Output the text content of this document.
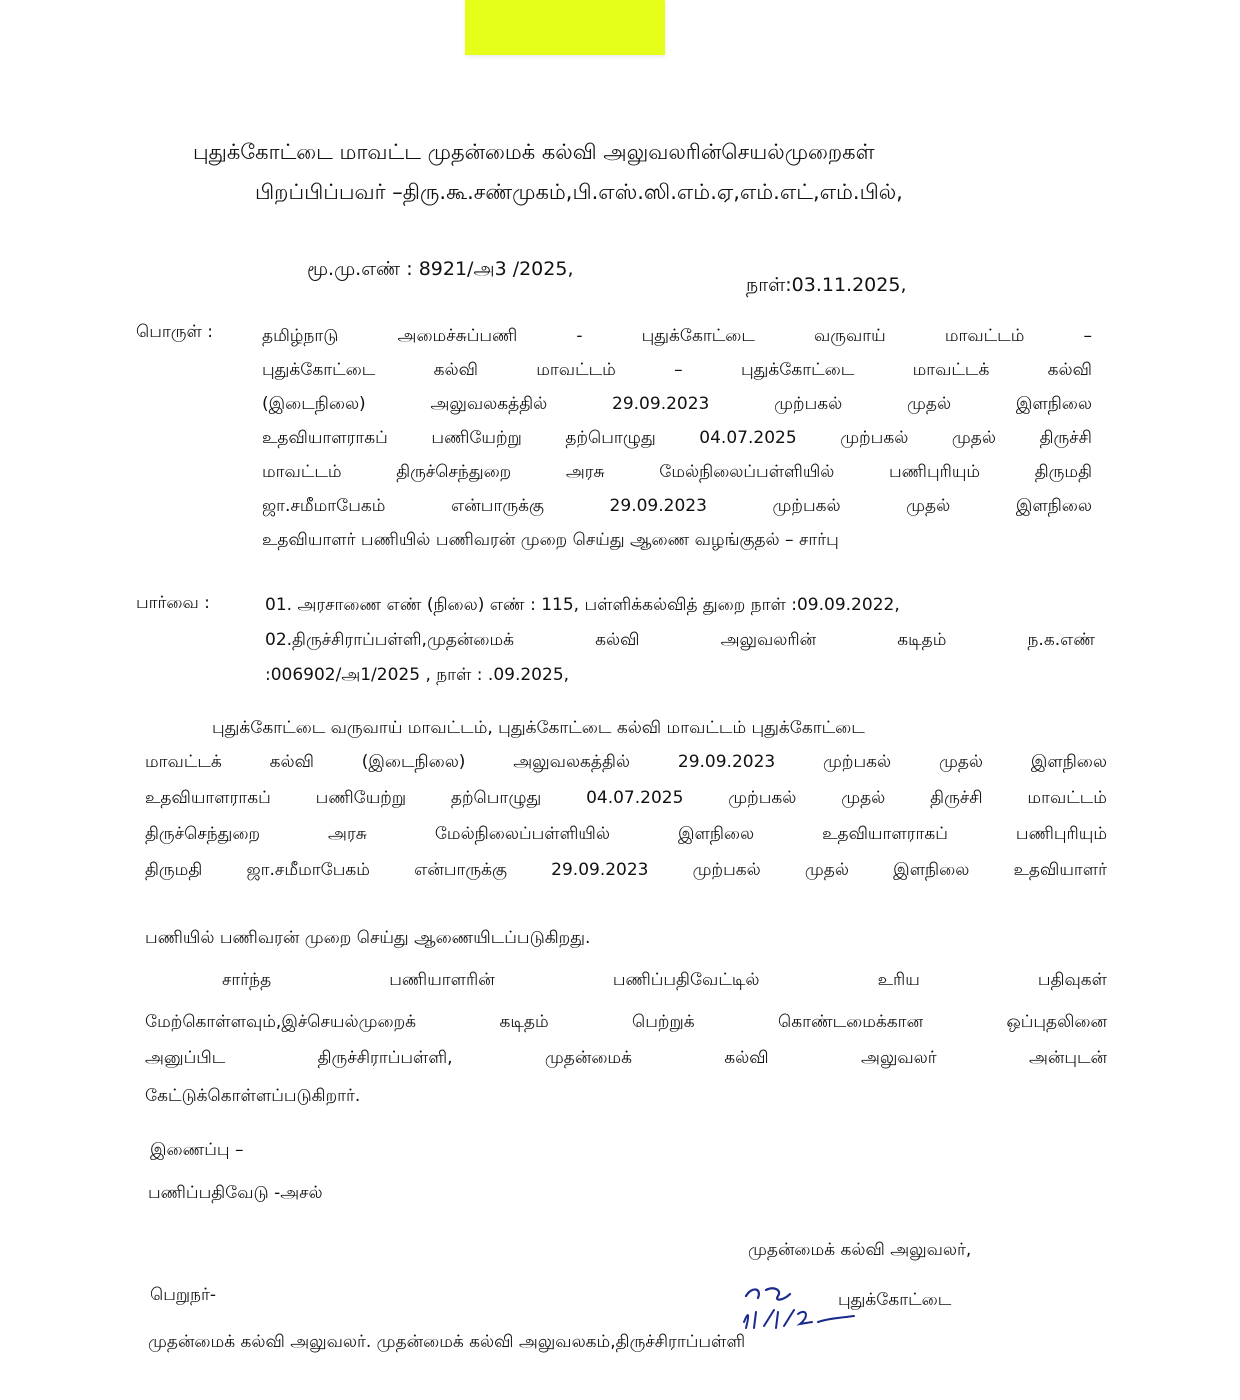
புதுக்கோட்டை மாவட்ட முதன்மைக் கல்வி அலுவலரின்செயல்முறைகள்
பிறப்பிப்பவர் –திரு.கூ.சண்முகம்,பி.எஸ்.ஸி.எம்.ஏ,எம்.எட்,எம்.பில்,
மூ.மு.எண் : 8921/அ3 /2025,
நாள்:03.11.2025,
பொருள் :	தமிழ்நாடு அமைச்சுப்பணி - புதுக்கோட்டை வருவாய் மாவட்டம் –
புதுக்கோட்டை கல்வி மாவட்டம் – புதுக்கோட்டை மாவட்டக் கல்வி
(இடைநிலை) அலுவலகத்தில் 29.09.2023 முற்பகல் முதல் இளநிலை
உதவியாளராகப் பணியேற்று தற்பொழுது 04.07.2025 முற்பகல் முதல் திருச்சி
மாவட்டம் திருச்செந்துறை அரசு மேல்நிலைப்பள்ளியில் பணிபுரியும் திருமதி
ஜா.சமீமாபேகம் என்பாருக்கு 29.09.2023 முற்பகல் முதல் இளநிலை
உதவியாளர் பணியில் பணிவரன் முறை செய்து ஆணை வழங்குதல் – சார்பு
பார்வை :	01. அரசாணை எண் (நிலை) எண் : 115, பள்ளிக்கல்வித் துறை நாள் :09.09.2022,
02.திருச்சிராப்பள்ளி,முதன்மைக் கல்வி அலுவலரின் கடிதம் ந.க.எண்
:006902/அ1/2025 , நாள் : .09.2025,
புதுக்கோட்டை வருவாய் மாவட்டம், புதுக்கோட்டை கல்வி மாவட்டம் புதுக்கோட்டை
மாவட்டக் கல்வி (இடைநிலை) அலுவலகத்தில் 29.09.2023 முற்பகல் முதல் இளநிலை
உதவியாளராகப் பணியேற்று தற்பொழுது 04.07.2025 முற்பகல் முதல் திருச்சி மாவட்டம்
திருச்செந்துறை அரசு மேல்நிலைப்பள்ளியில் இளநிலை உதவியாளராகப் பணிபுரியும்
திருமதி ஜா.சமீமாபேகம் என்பாருக்கு 29.09.2023 முற்பகல் முதல் இளநிலை உதவியாளர்
பணியில் பணிவரன் முறை செய்து ஆணையிடப்படுகிறது.
சார்ந்த பணியாளரின் பணிப்பதிவேட்டில் உரிய பதிவுகள்
மேற்கொள்ளவும்,இச்செயல்முறைக் கடிதம் பெற்றுக் கொண்டமைக்கான ஒப்புதலினை
அனுப்பிட திருச்சிராப்பள்ளி, முதன்மைக் கல்வி அலுவலர் அன்புடன்
கேட்டுக்கொள்ளப்படுகிறார்.
இணைப்பு –
பணிப்பதிவேடு -அசல்
முதன்மைக் கல்வி அலுவலர்,
புதுக்கோட்டை
பெறுநர்-
முதன்மைக் கல்வி அலுவலர். முதன்மைக் கல்வி அலுவலகம்,திருச்சிராப்பள்ளி
